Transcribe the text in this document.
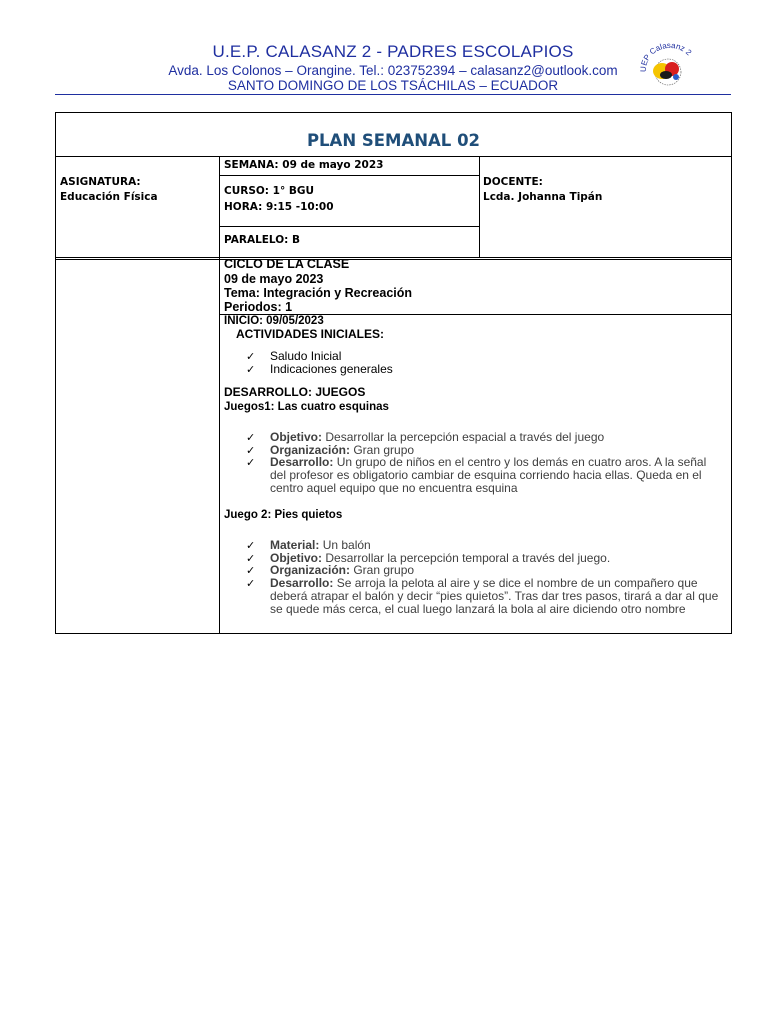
U.E.P. CALASANZ 2 - PADRES ESCOLAPIOS
Avda. Los Colonos – Orangine. Tel.: 023752394 – calasanz2@outlook.com
SANTO DOMINGO DE LOS TSÁCHILAS – ECUADOR
UEP Calasanz 2
PLAN SEMANAL 02
ASIGNATURA:
Educación Física
SEMANA: 09 de mayo 2023
CURSO: 1° BGU
HORA: 9:15 -10:00
PARALELO: B
DOCENTE:
Lcda. Johanna Tipán
CICLO DE LA CLASE
09 de mayo 2023
Tema: Integración y Recreación
Periodos: 1
INICIO: 09/05/2023
ACTIVIDADES INICIALES:
✓ Saludo Inicial
✓ Indicaciones generales
DESARROLLO: JUEGOS
Juegos1: Las cuatro esquinas
✓ Objetivo: Desarrollar la percepción espacial a través del juego
✓ Organización: Gran grupo
✓ Desarrollo: Un grupo de niños en el centro y los demás en cuatro aros. A la señal del profesor es obligatorio cambiar de esquina corriendo hacia ellas. Queda en el centro aquel equipo que no encuentra esquina
Juego 2: Pies quietos
✓ Material: Un balón
✓ Objetivo: Desarrollar la percepción temporal a través del juego.
✓ Organización: Gran grupo
✓ Desarrollo: Se arroja la pelota al aire y se dice el nombre de un compañero que deberá atrapar el balón y decir “pies quietos”. Tras dar tres pasos, tirará a dar al que se quede más cerca, el cual luego lanzará la bola al aire diciendo otro nombre
